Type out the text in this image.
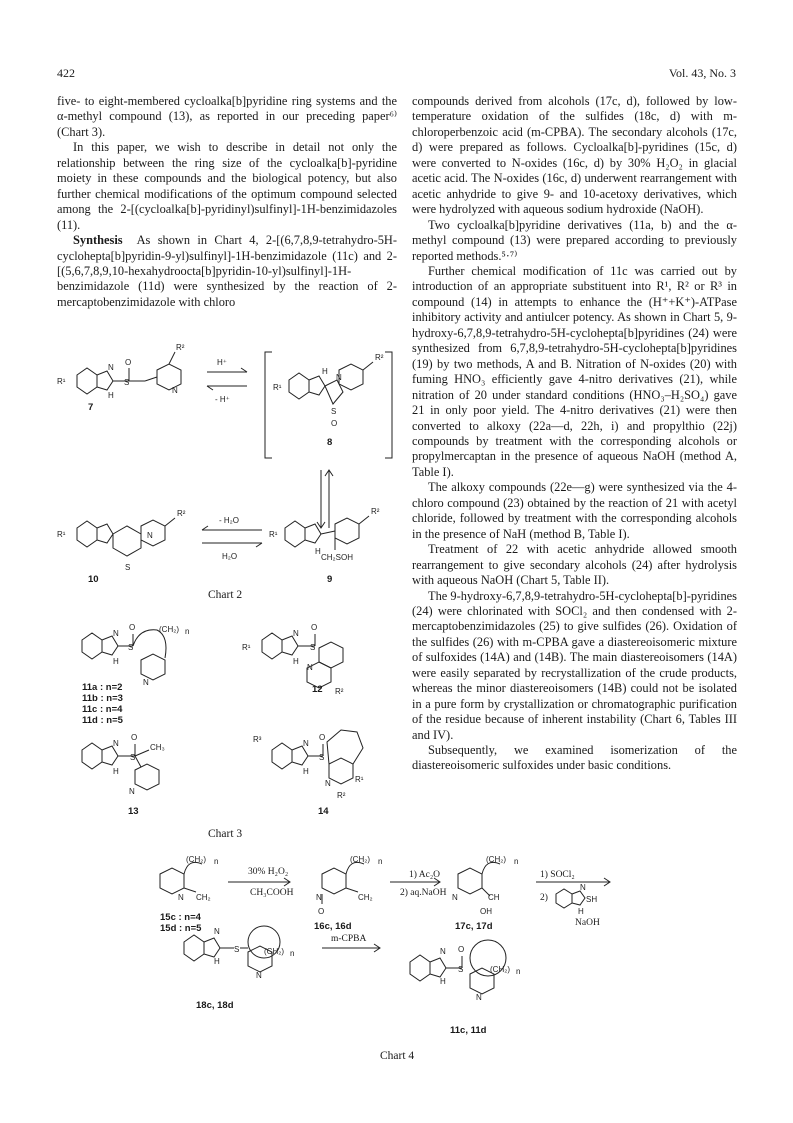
422	Vol. 43, No. 3

five- to eight-membered cycloalka[b]pyridine ring systems and the α-methyl compound (13), as reported in our preceding paper⁶⁾ (Chart 3).

In this paper, we wish to describe in detail not only the relationship between the ring size of the cycloalka[b]-pyridine moiety in these compounds and the biological potency, but also further chemical modifications of the optimum compound selected among the 2-[(cycloalka[b]-pyridinyl)sulfinyl]-1H-benzimidazoles (11).

Synthesis As shown in Chart 4, 2-[(6,7,8,9-tetrahydro-5H-cyclohepta[b]pyridin-9-yl)sulfinyl]-1H-benzimidazole (11c) and 2-[(5,6,7,8,9,10-hexahydroocta[b]pyridin-10-yl)sulfinyl]-1H-benzimidazole (11d) were synthesized by the reaction of 2-mercaptobenzimidazole with chloro

compounds derived from alcohols (17c, d), followed by low-temperature oxidation of the sulfides (18c, d) with m-chloroperbenzoic acid (m-CPBA). The secondary alcohols (17c, d) were prepared as follows. Cycloalka[b]-pyridines (15c, d) were converted to N-oxides (16c, d) by 30% H₂O₂ in glacial acetic acid. The N-oxides (16c, d) underwent rearrangement with acetic anhydride to give 9- and 10-acetoxy derivatives, which were hydrolyzed with aqueous sodium hydroxide (NaOH).

Two cycloalka[b]pyridine derivatives (11a, b) and the α-methyl compound (13) were prepared according to previously reported methods.⁵·⁷⁾

Further chemical modification of 11c was carried out by introduction of an appropriate substituent into R¹, R² or R³ in compound (14) in attempts to enhance the (H⁺+K⁺)-ATPase inhibitory activity and antiulcer potency. As shown in Chart 5, 9-hydroxy-6,7,8,9-tetrahydro-5H-cyclohepta[b]pyridines (24) were synthesized from 6,7,8,9-tetrahydro-5H-cyclohepta[b]pyridines (19) by two methods, A and B. Nitration of N-oxides (20) with fuming HNO₃ efficiently gave 4-nitro derivatives (21), while nitration of 20 under standard conditions (HNO₃–H₂SO₄) gave 21 in only poor yield. The 4-nitro derivatives (21) were then converted to alkoxy (22a—d, 22h, i) and propylthio (22j) compounds by treatment with the corresponding alcohols or propylmercaptan in the presence of aqueous NaOH (method A, Table I).

The alkoxy compounds (22e—g) were synthesized via the 4-chloro compound (23) obtained by the reaction of 21 with acetyl chloride, followed by treatment with the corresponding alcohols in the presence of NaH (method B, Table I).

Treatment of 22 with acetic anhydride allowed smooth rearrangement to give secondary alcohols (24) after hydrolysis with aqueous NaOH (Chart 5, Table II).

The 9-hydroxy-6,7,8,9-tetrahydro-5H-cyclohepta[b]-pyridines (24) were chlorinated with SOCl₂ and then condensed with 2-mercaptobenzimidazoles (25) to give sulfides (26). Oxidation of the sulfides (26) with m-CPBA gave a diastereoisomeric mixture of sulfoxides (14A) and (14B). The main diastereoisomers (14A) were easily separated by recrystallization of the crude products, whereas the minor diastereoisomers (14B) could not be isolated in a pure form by crystallization or chromatographic purification of the residue because of inherent instability (Chart 6, Tables III and IV).

Subsequently, we examined isomerization of the diastereoisomeric sulfoxides under basic conditions.

R¹
N
H
O
S
R²
N
H⁺
- H⁺
R¹
H
S
O
R²
N
R¹
S
R²
N
- H₂O
H₂O
R¹
H
R²
CH₂SOH
7
8
10	9
Chart 2
O
S
N
H
(CH₂) n
N
R¹
O
S
N
H
N
R²
O
S
CH₃
N
H
N
R³	O
S
N
H
N	R¹
R²
11a : n=2
11b : n=3
11c : n=4
11d : n=5
12
13	14
Chart 3
(CH₂) n
N CH₂
(CH₂) n
N
O
CH₂
(CH₂) n
N	CH
OH
N
SH
H
N
H
S	(CH₂) n
N
N
H
O
S	(CH₂) n
N
30% H₂O₂
CH₃COOH
1) Ac₂O
2) aq.NaOH
1) SOCl₂
2)
NaOH
m-CPBA
15c : n=4
15d : n=5	16c, 16d	17c, 17d
18c, 18d
11c, 11d
Chart 4
